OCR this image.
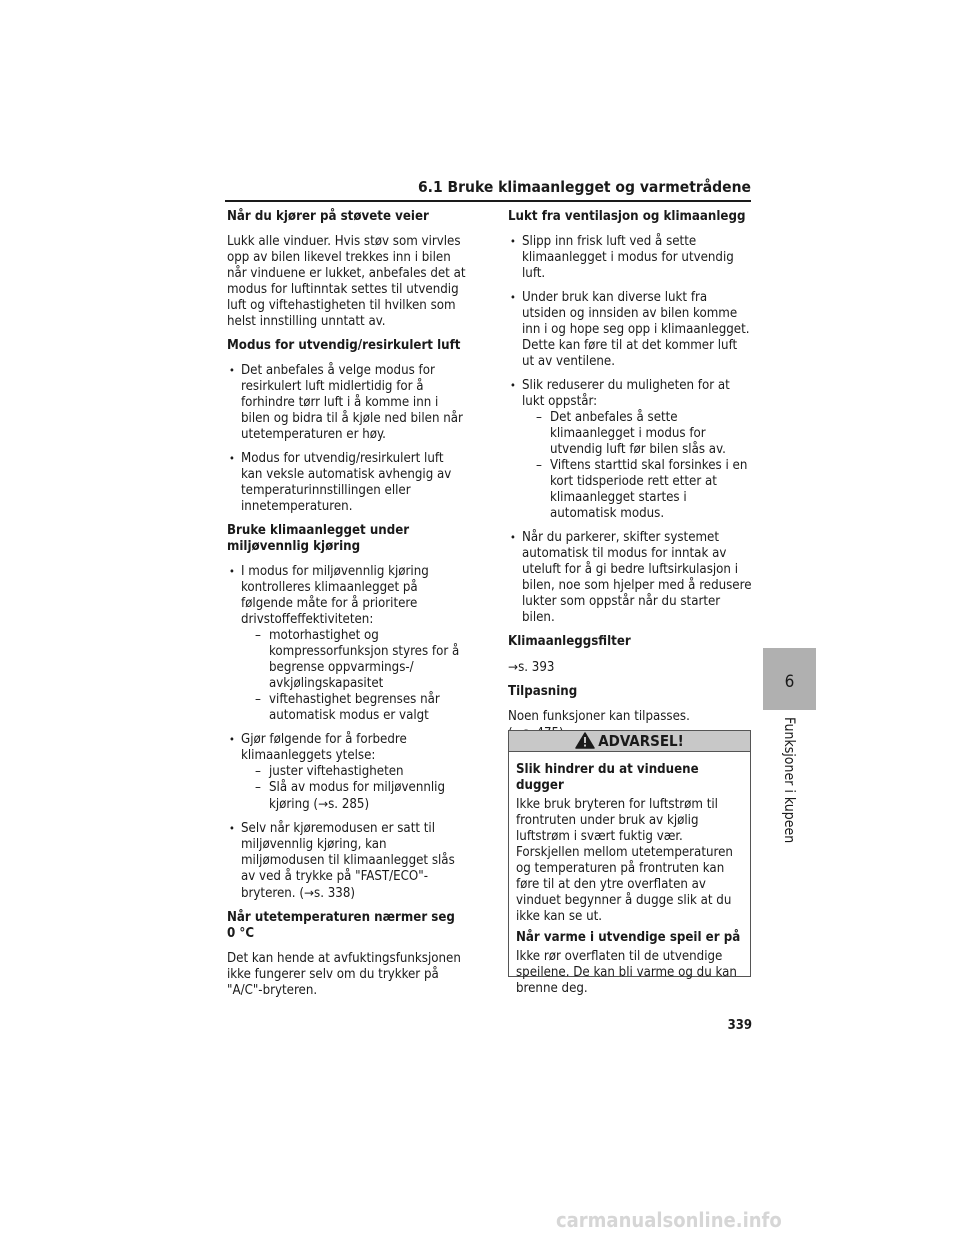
6.1 Bruke klimaanlegget og varmetrådene
Når du kjører på støvete veier
Lukk alle vinduer. Hvis støv som virvles opp av bilen likevel trekkes inn i bilen når vinduene er lukket, anbefales det at modus for luftinntak settes til utvendig luft og viftehastigheten til hvilken som helst innstilling unntatt av.
Modus for utvendig/resirkulert luft
• Det anbefales å velge modus for resirkulert luft midlertidig for å forhindre tørr luft i å komme inn i bilen og bidra til å kjøle ned bilen når utetemperaturen er høy.
• Modus for utvendig/resirkulert luft kan veksle automatisk avhengig av temperaturinnstillingen eller innetemperaturen.
Bruke klimaanlegget under
miljøvennlig kjøring
• I modus for miljøvennlig kjøring kontrolleres klimaanlegget på følgende måte for å prioritere drivstoffeffektiviteten:
– motorhastighet og kompressorfunksjon styres for å begrense oppvarmings-/ avkjølingskapasitet
– viftehastighet begrenses når automatisk modus er valgt
• Gjør følgende for å forbedre klimaanleggets ytelse:
– juster viftehastigheten
– Slå av modus for miljøvennlig kjøring (→s. 285)
• Selv når kjøremodusen er satt til miljøvennlig kjøring, kan miljømodusen til klimaanlegget slås av ved å trykke på "FAST/ECO"-bryteren. (→s. 338)
Når utetemperaturen nærmer seg 0 °C
Det kan hende at avfuktingsfunksjonen ikke fungerer selv om du trykker på "A/C"-bryteren.
Lukt fra ventilasjon og klimaanlegg
• Slipp inn frisk luft ved å sette klimaanlegget i modus for utvendig luft.
• Under bruk kan diverse lukt fra utsiden og innsiden av bilen komme inn i og hope seg opp i klimaanlegget. Dette kan føre til at det kommer luft ut av ventilene.
• Slik reduserer du muligheten for at lukt oppstår:
– Det anbefales å sette klimaanlegget i modus for utvendig luft før bilen slås av.
– Viftens starttid skal forsinkes i en kort tidsperiode rett etter at klimaanlegget startes i automatisk modus.
• Når du parkerer, skifter systemet automatisk til modus for inntak av uteluft for å gi bedre luftsirkulasjon i bilen, noe som hjelper med å redusere lukter som oppstår når du starter bilen.
Klimaanleggsfilter
→s. 393
Tilpasning
Noen funksjoner kan tilpasses.

ADVARSEL!
Slik hindrer du at vinduene dugger
Ikke bruk bryteren for luftstrøm til frontruten under bruk av kjølig luftstrøm i svært fuktig vær. Forskjellen mellom utetemperaturen og temperaturen på frontruten kan føre til at den ytre overflaten av vinduet begynner å dugge slik at du ikke kan se ut.
Når varme i utvendige speil er på
Ikke rør overflaten til de utvendige speilene. De kan bli varme og du kan brenne deg.
6
Funksjoner i kupeen
339
carmanualsonline.info
